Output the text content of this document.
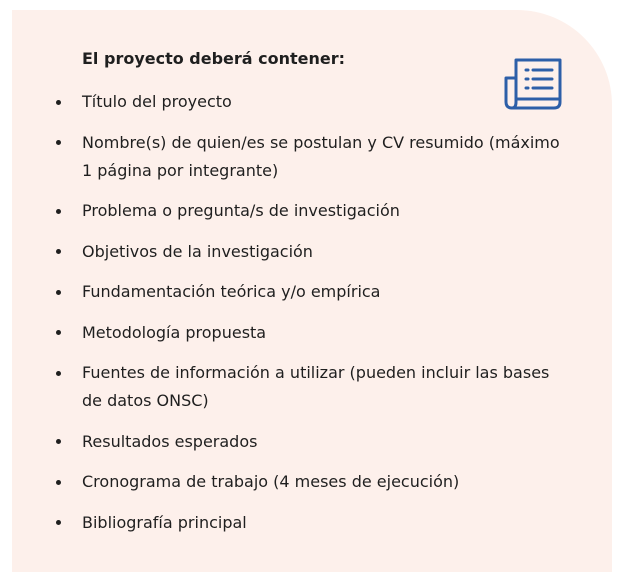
El proyecto deberá contener:

Título del proyecto
Nombre(s) de quien/es se postulan y CV resumido (máximo 1 página por integrante)
Problema o pregunta/s de investigación
Objetivos de la investigación
Fundamentación teórica y/o empírica
Metodología propuesta
Fuentes de información a utilizar (pueden incluir las bases de datos ONSC)
Resultados esperados
Cronograma de trabajo (4 meses de ejecución)
Bibliografía principal
